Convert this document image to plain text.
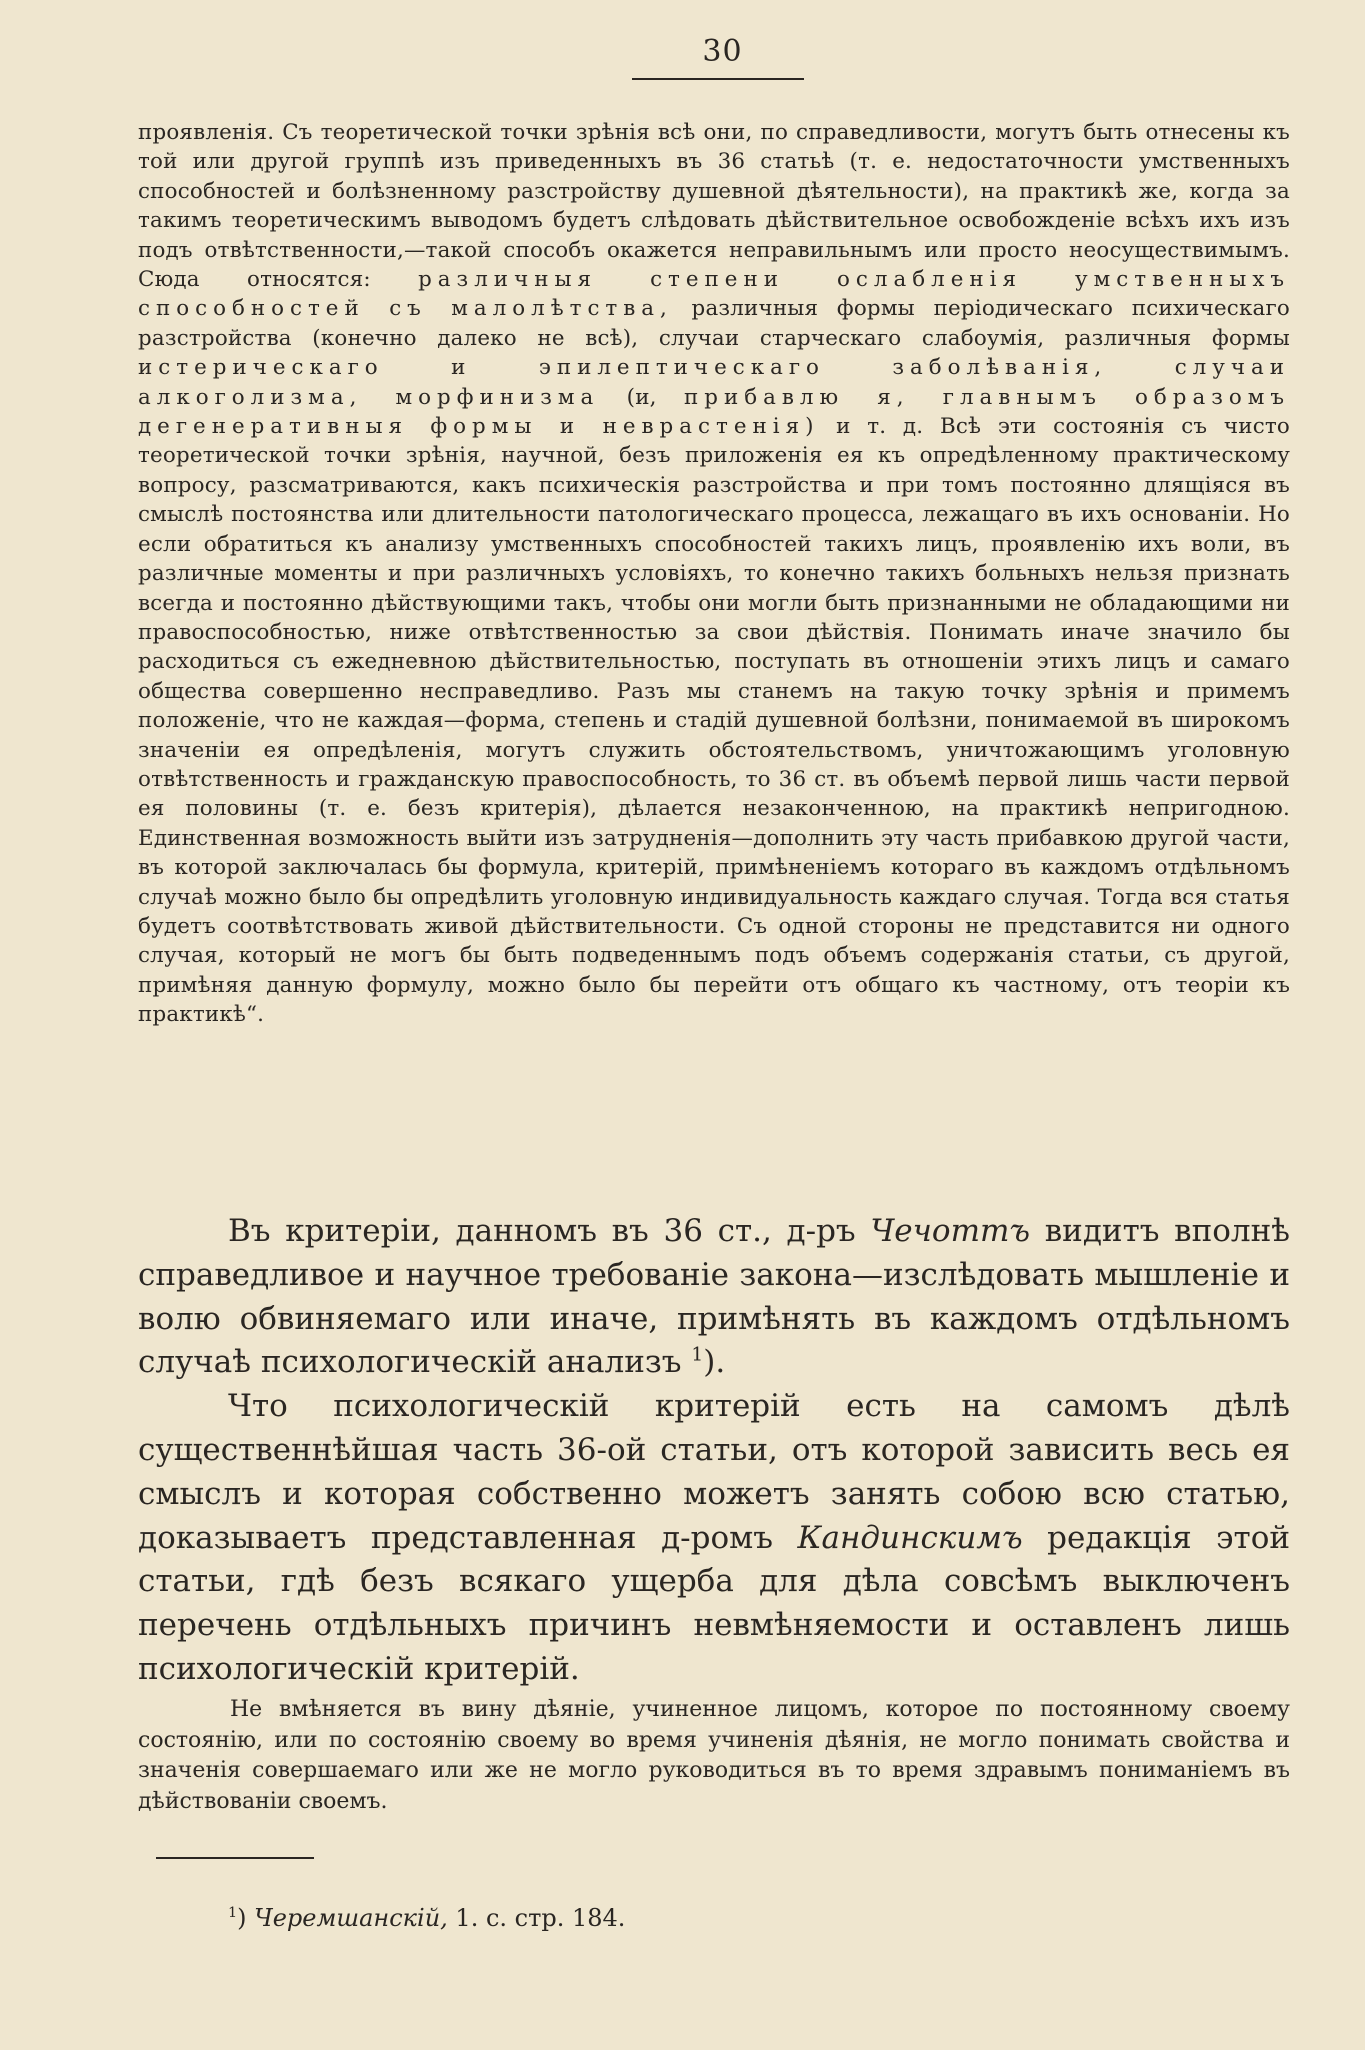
30

проявленія. Съ теоретической точки зрѣнія всѣ они, по справедливости, могутъ быть отнесены къ той или другой группѣ изъ приведенныхъ въ 36 статьѣ (т. е. недостаточности умственныхъ способностей и болѣзненному разстройству душевной дѣятельности), на практикѣ же, когда за такимъ теоретическимъ выводомъ будетъ слѣдовать дѣйствительное освобожденіе всѣхъ ихъ изъ подъ отвѣтственности,—такой способъ окажется неправильнымъ или просто неосуществимымъ. Сюда относятся: различныя степени ослабленія умственныхъ способностей съ малолѣтства, различныя формы періодическаго психическаго разстройства (конечно далеко не всѣ), случаи старческаго слабоумія, различныя формы истерическаго и эпилептическаго заболѣванія, случаи алкоголизма, морфинизма (и, прибавлю я, главнымъ образомъ дегенеративныя формы и неврастенія) и т. д. Всѣ эти состоянія съ чисто теоретической точки зрѣнія, научной, безъ приложенія ея къ опредѣленному практическому вопросу, разсматриваются, какъ психическія разстройства и при томъ постоянно длящіяся въ смыслѣ постоянства или длительности патологическаго процесса, лежащаго въ ихъ основаніи. Но если обратиться къ анализу умственныхъ способностей такихъ лицъ, проявленію ихъ воли, въ различные моменты и при различныхъ условіяхъ, то конечно такихъ больныхъ нельзя признать всегда и постоянно дѣйствующими такъ, чтобы они могли быть признанными не обладающими ни правоспособностью, ниже отвѣтственностью за свои дѣйствія. Понимать иначе значило бы расходиться съ ежедневною дѣйствительностью, поступать въ отношеніи этихъ лицъ и самаго общества совершенно несправедливо. Разъ мы станемъ на такую точку зрѣнія и примемъ положеніе, что не каждая—форма, степень и стадій душевной болѣзни, понимаемой въ широкомъ значеніи ея опредѣленія, могутъ служить обстоятельствомъ, уничтожающимъ уголовную отвѣтственность и гражданскую правоспособность, то 36 ст. въ объемѣ первой лишь части первой ея половины (т. е. безъ критерія), дѣлается незаконченною, на практикѣ непригодною. Единственная возможность выйти изъ затрудненія—дополнить эту часть прибавкою другой части, въ которой заключалась бы формула, критерій, примѣненіемъ котораго въ каждомъ отдѣльномъ случаѣ можно было бы опредѣлить уголовную индивидуальность каждаго случая. Тогда вся статья будетъ соотвѣтствовать живой дѣйствительности. Съ одной стороны не представится ни одного случая, который не могъ бы быть подведеннымъ подъ объемъ содержанія статьи, съ другой, примѣняя данную формулу, можно было бы перейти отъ общаго къ частному, отъ теоріи къ практикѣ“.

Въ критеріи, данномъ въ 36 ст., д-ръ Чечоттъ видитъ вполнѣ справедливое и научное требованіе закона—изслѣдовать мышленіе и волю обвиняемаго или иначе, примѣнять въ каждомъ отдѣльномъ случаѣ психологическій анализъ $^1$).

Что психологическій критерій есть на самомъ дѣлѣ существеннѣйшая часть 36-ой статьи, отъ которой зависить весь ея смыслъ и которая собственно можетъ занять собою всю статью, доказываетъ представленная д-ромъ Кандинскимъ редакція этой статьи, гдѣ безъ всякаго ущерба для дѣла совсѣмъ выключенъ перечень отдѣльныхъ причинъ невмѣняемости и оставленъ лишь психологическій критерій.

Не вмѣняется въ вину дѣяніе, учиненное лицомъ, которое по постоянному своему состоянію, или по состоянію своему во время учиненія дѣянія, не могло понимать свойства и значенія совершаемаго или же не могло руководиться въ то время здравымъ пониманіемъ въ дѣйствованіи своемъ.

$^1$) Черемшанскій, 1. c. стр. 184.
